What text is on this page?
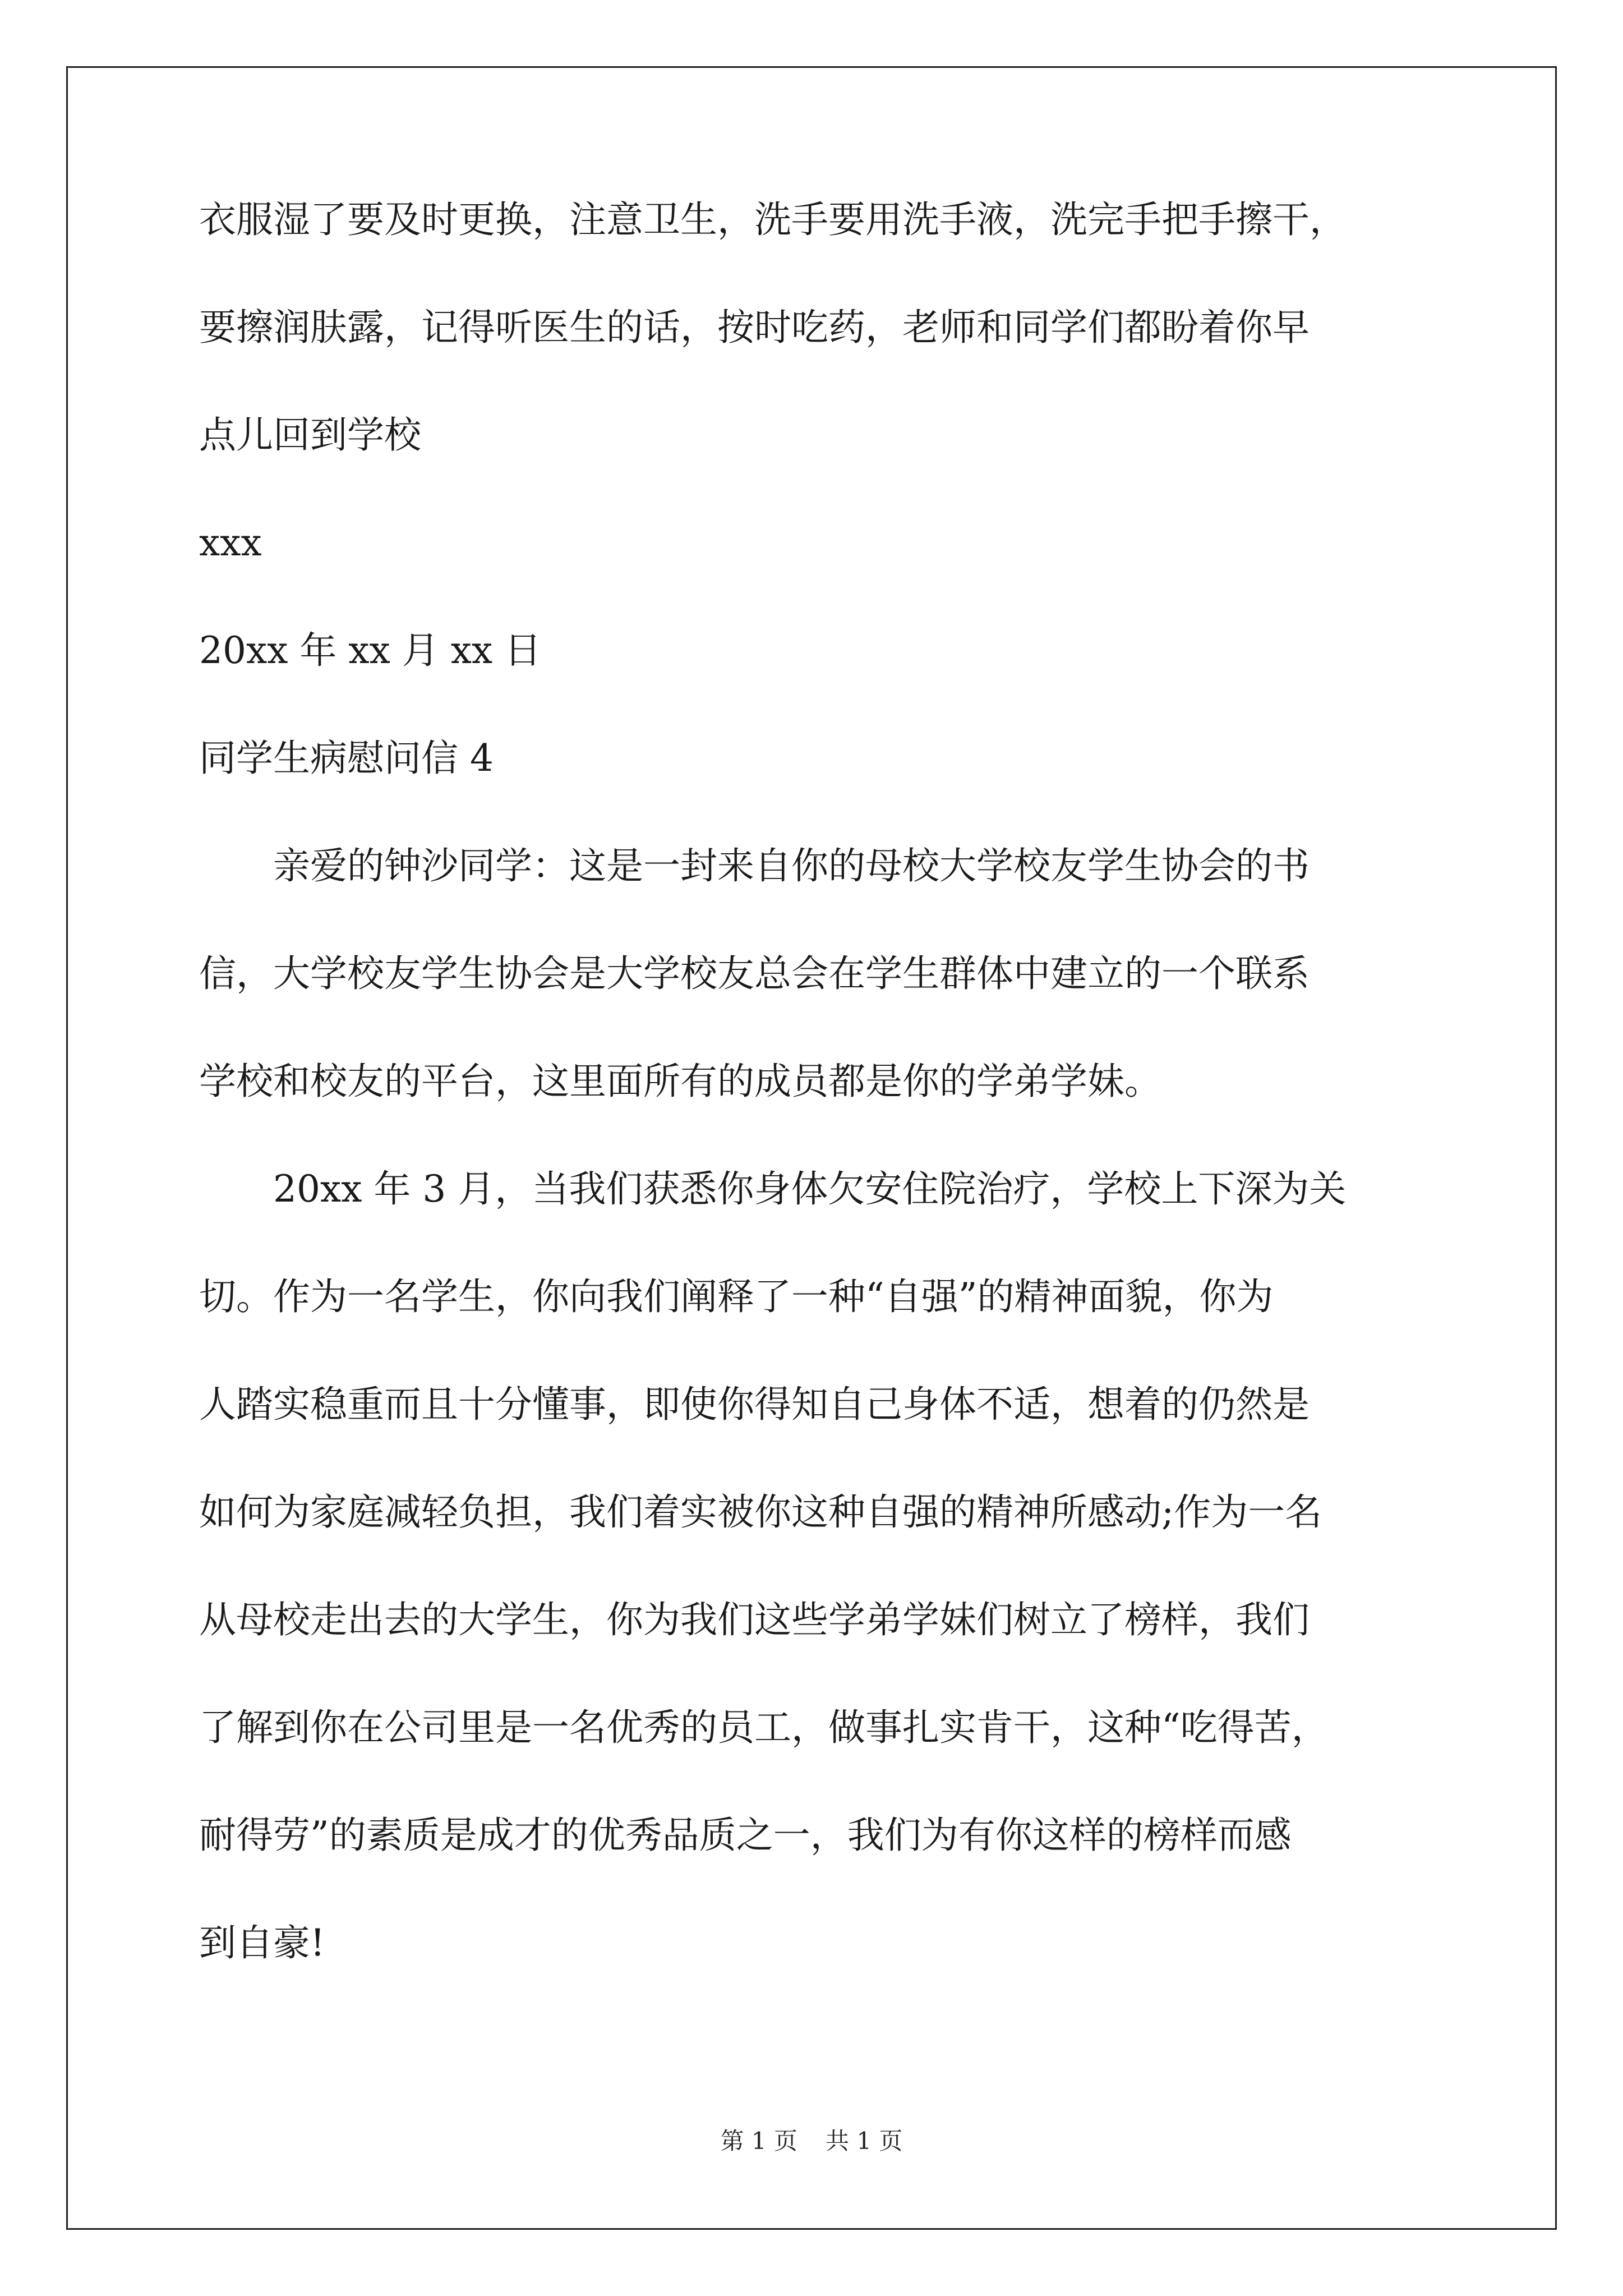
衣服湿了要及时更换，注意卫生，洗手要用洗手液，洗完手把手擦干，

要擦润肤露，记得听医生的话，按时吃药，老师和同学们都盼着你早

点儿回到学校

xxx

20xx 年 xx 月 xx 日

同学生病慰问信 4

亲爱的钟沙同学：这是一封来自你的母校大学校友学生协会的书

信，大学校友学生协会是大学校友总会在学生群体中建立的一个联系

学校和校友的平台，这里面所有的成员都是你的学弟学妹。

20xx 年 3 月，当我们获悉你身体欠安住院治疗，学校上下深为关

切。作为一名学生，你向我们阐释了一种“自强”的精神面貌，你为

人踏实稳重而且十分懂事，即使你得知自己身体不适，想着的仍然是

如何为家庭减轻负担，我们着实被你这种自强的精神所感动;作为一名

从母校走出去的大学生，你为我们这些学弟学妹们树立了榜样，我们

了解到你在公司里是一名优秀的员工，做事扎实肯干，这种“吃得苦，

耐得劳”的素质是成才的优秀品质之一，我们为有你这样的榜样而感

到自豪!

第 1 页 共 1 页
